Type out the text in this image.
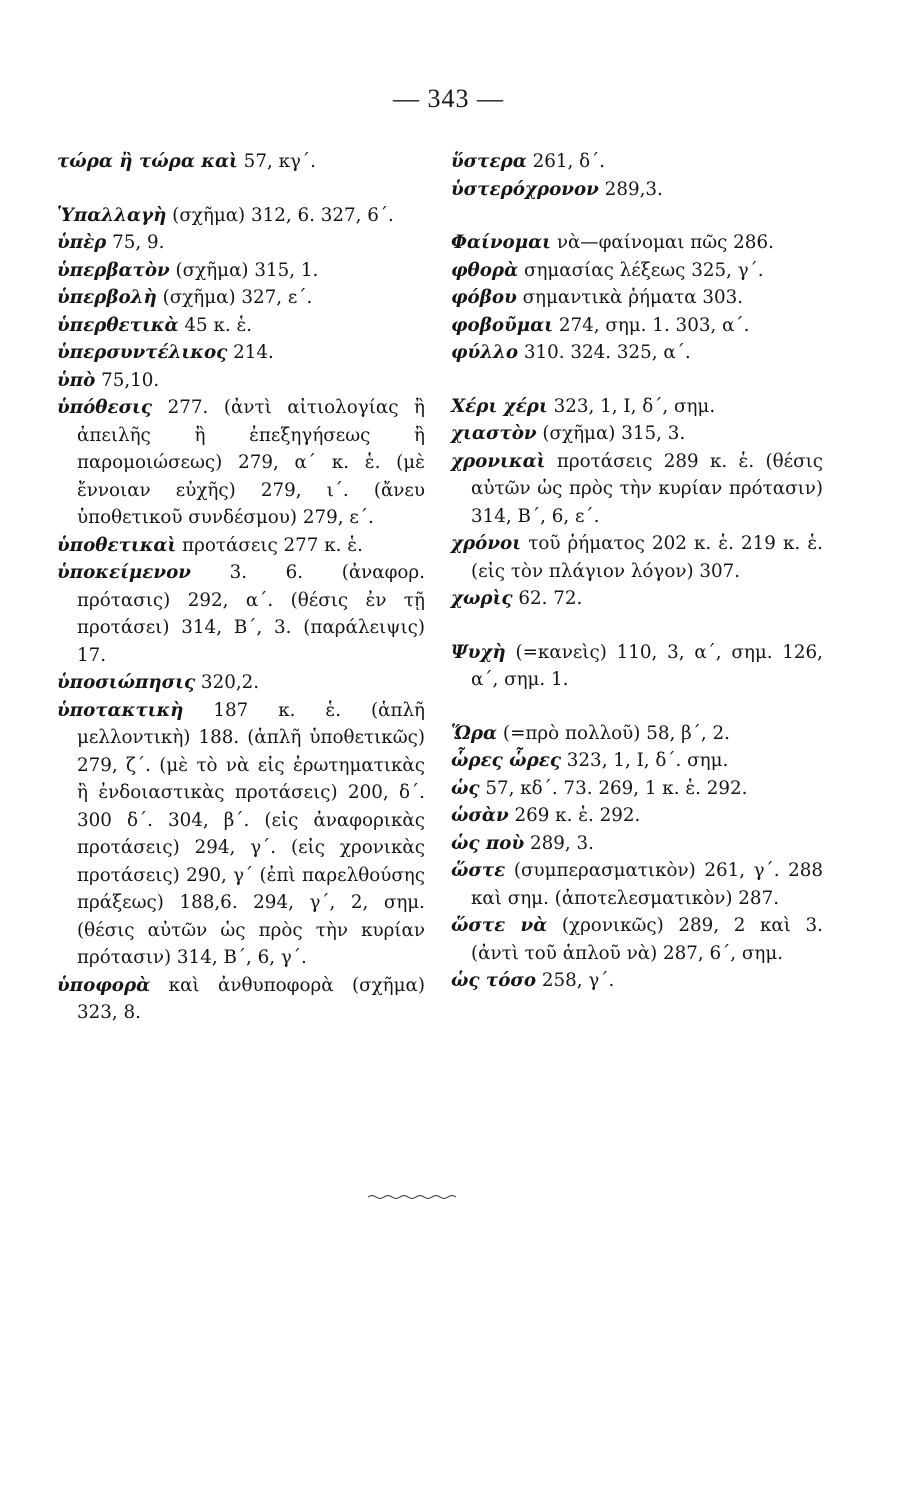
— 343 —

τώρα ἢ τώρα καὶ 57, κγ΄.

Ὑπαλλαγὴ (σχῆμα) 312, 6. 327, 6΄.

ὑπὲρ 75, 9.

ὑπερβατὸν (σχῆμα) 315, 1.

ὑπερβολὴ (σχῆμα) 327, ε΄.

ὑπερθετικὰ 45 κ. ἑ.

ὑπερσυντέλικος 214.

ὑπὸ 75,10.

ὑπόθεσις 277. (ἀντὶ αἰτιολογίας ἢ ἀπειλῆς ἢ ἐπεξηγήσεως ἢ παρομοιώσεως) 279, α΄ κ. ἑ. (μὲ ἔννοιαν εὐχῆς) 279, ι΄. (ἄνευ ὑποθετικοῦ συνδέσμου) 279, ε΄.

ὑποθετικαὶ προτάσεις 277 κ. ἑ.

ὑποκείμενον 3. 6. (ἀναφορ. πρότασις) 292, α΄. (θέσις ἐν τῇ προτάσει) 314, Β΄, 3. (παράλειψις) 17.

ὑποσιώπησις 320,2.

ὑποτακτικὴ 187 κ. ἑ. (ἁπλῆ μελλοντικὴ) 188. (ἁπλῆ ὑποθετικῶς) 279, ζ΄. (μὲ τὸ νὰ εἰς ἐρωτηματικὰς ἢ ἐνδοιαστικὰς προτάσεις) 200, δ΄. 300 δ΄. 304, β΄. (εἰς ἀναφορικὰς προτάσεις) 294, γ΄. (εἰς χρονικὰς προτάσεις) 290, γ΄ (ἐπὶ παρελθούσης πράξεως) 188,6. 294, γ΄, 2, σημ. (θέσις αὐτῶν ὡς πρὸς τὴν κυρίαν πρότασιν) 314, Β΄, 6, γ΄.

ὑποφορὰ καὶ ἀνθυποφορὰ (σχῆμα) 323, 8.

ὕστερα 261, δ΄.

ὑστερόχρονον 289,3.

Φαίνομαι νὰ—φαίνομαι πῶς 286.

φθορὰ σημασίας λέξεως 325, γ΄.

φόβου σημαντικὰ ῥήματα 303.

φοβοῦμαι 274, σημ. 1. 303, α΄.

φύλλο 310. 324. 325, α΄.

Χέρι χέρι 323, 1, Ι, δ΄, σημ.

χιαστὸν (σχῆμα) 315, 3.

χρονικαὶ προτάσεις 289 κ. ἑ. (θέσις αὐτῶν ὡς πρὸς τὴν κυρίαν πρότασιν) 314, Β΄, 6, ε΄.

χρόνοι τοῦ ῥήματος 202 κ. ἑ. 219 κ. ἑ. (εἰς τὸν πλάγιον λόγον) 307.

χωρὶς 62. 72.

Ψυχὴ (=κανεὶς) 110, 3, α΄, σημ. 126, α΄, σημ. 1.

Ὥρα (=πρὸ πολλοῦ) 58, β΄, 2.

ὧρες ὧρες 323, 1, Ι, δ΄. σημ.

ὡς 57, κδ΄. 73. 269, 1 κ. ἑ. 292.

ὡσὰν 269 κ. ἑ. 292.

ὡς ποὺ 289, 3.

ὥστε (συμπερασματικὸν) 261, γ΄. 288 καὶ σημ. (ἀποτελεσματικὸν) 287.

ὥστε νὰ (χρονικῶς) 289, 2 καὶ 3. (ἀντὶ τοῦ ἁπλοῦ νὰ) 287, 6΄, σημ.

ὡς τόσο 258, γ΄.
